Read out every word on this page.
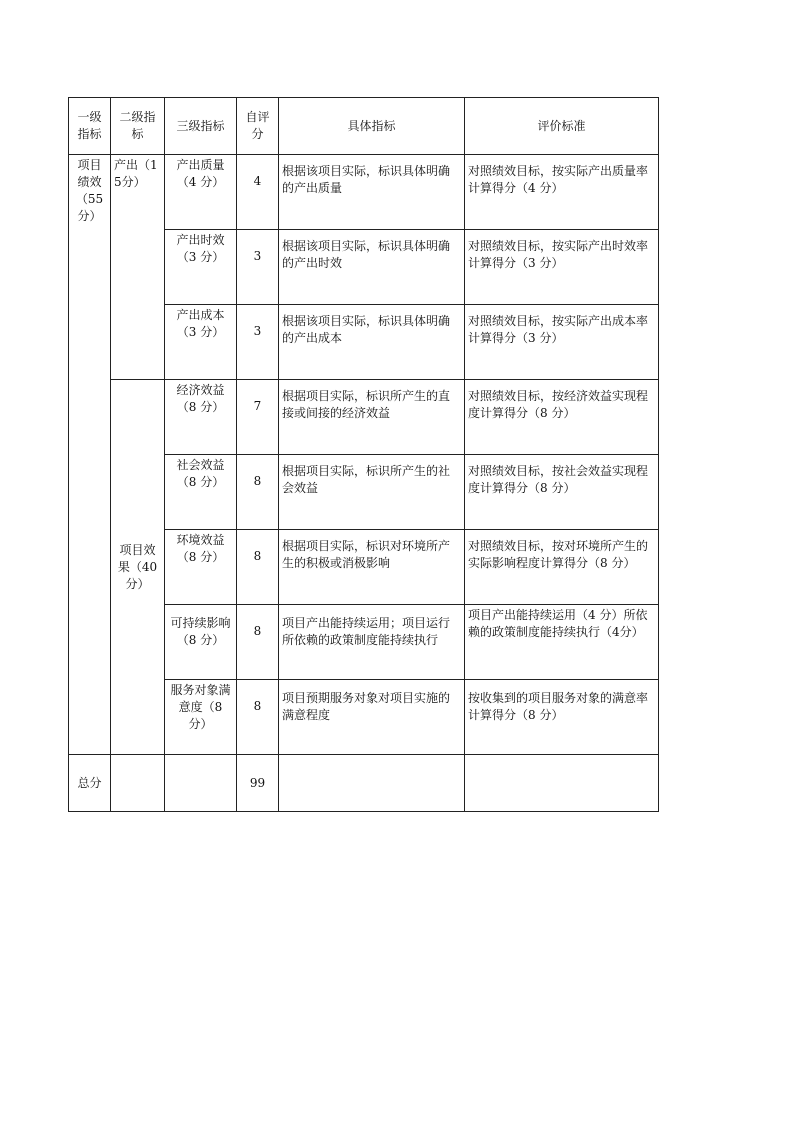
一级指标	二级指标	三级指标	自评分	具体指标	评价标准
项目绩效（55分）	产出（15分）	产出质量（4 分）	4	根据该项目实际，标识具体明确的产出质量	对照绩效目标，按实际产出质量率计算得分（4 分）
		产出时效（3 分）	3	根据该项目实际，标识具体明确的产出时效	对照绩效目标，按实际产出时效率计算得分（3 分）
		产出成本（3 分）	3	根据该项目实际，标识具体明确的产出成本	对照绩效目标，按实际产出成本率计算得分（3 分）
	项目效果（40分）	经济效益（8 分）	7	根据项目实际，标识所产生的直接或间接的经济效益	对照绩效目标，按经济效益实现程度计算得分（8 分）
		社会效益（8 分）	8	根据项目实际，标识所产生的社会效益	对照绩效目标，按社会效益实现程度计算得分（8 分）
		环境效益（8 分）	8	根据项目实际，标识对环境所产生的积极或消极影响	对照绩效目标，按对环境所产生的实际影响程度计算得分（8 分）
		可持续影响（8 分）	8	项目产出能持续运用；项目运行所依赖的政策制度能持续执行	项目产出能持续运用（4 分）所依赖的政策制度能持续执行（4分）
		服务对象满意度（8 分）	8	项目预期服务对象对项目实施的满意程度	按收集到的项目服务对象的满意率计算得分（8 分）
总分			99		
